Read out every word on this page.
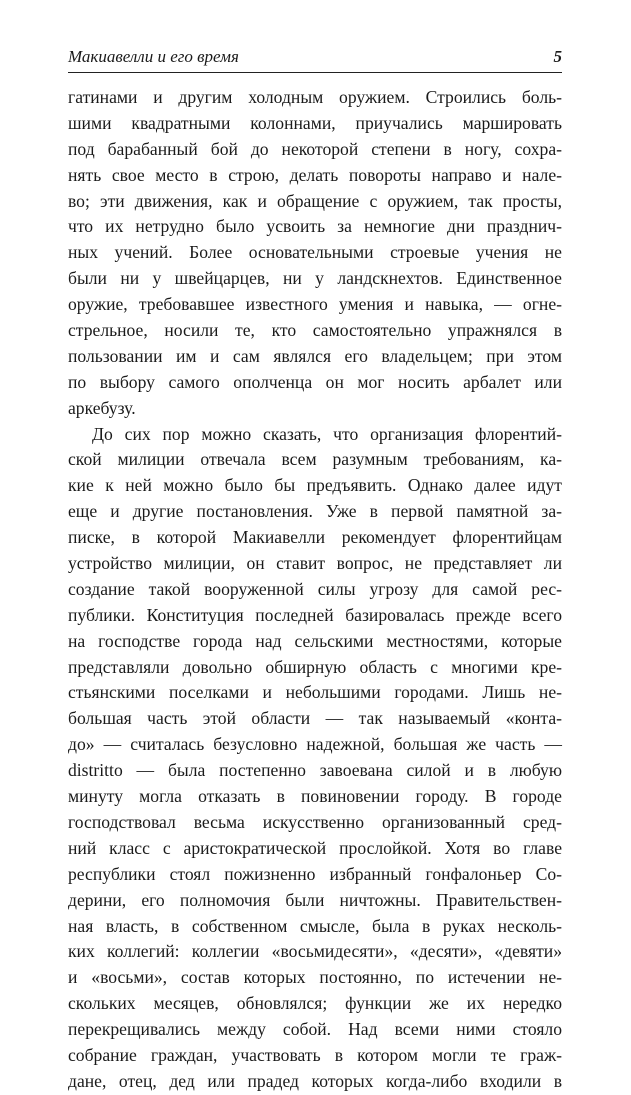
Макиавелли и его время	5
гатинами и другим холодным оружием. Строились боль-
шими квадратными колоннами, приучались маршировать
под барабанный бой до некоторой степени в ногу, сохра-
нять свое место в строю, делать повороты направо и нале-
во; эти движения, как и обращение с оружием, так просты,
что их нетрудно было усвоить за немногие дни празднич-
ных учений. Более основательными строевые учения не
были ни у швейцарцев, ни у ландскнехтов. Единственное
оружие, требовавшее известного умения и навыка, — огне-
стрельное, носили те, кто самостоятельно упражнялся в
пользовании им и сам являлся его владельцем; при этом
по выбору самого ополченца он мог носить арбалет или
аркебузу.
До сих пор можно сказать, что организация флорентий-
ской милиции отвечала всем разумным требованиям, ка-
кие к ней можно было бы предъявить. Однако далее идут
еще и другие постановления. Уже в первой памятной за-
писке, в которой Макиавелли рекомендует флорентийцам
устройство милиции, он ставит вопрос, не представляет ли
создание такой вооруженной силы угрозу для самой рес-
публики. Конституция последней базировалась прежде всего
на господстве города над сельскими местностями, которые
представляли довольно обширную область с многими кре-
стьянскими поселками и небольшими городами. Лишь не-
большая часть этой области — так называемый «конта-
до» — считалась безусловно надежной, большая же часть —
distritto — была постепенно завоевана силой и в любую
минуту могла отказать в повиновении городу. В городе
господствовал весьма искусственно организованный сред-
ний класс с аристократической прослойкой. Хотя во главе
республики стоял пожизненно избранный гонфалоньер Со-
дерини, его полномочия были ничтожны. Правительствен-
ная власть, в собственном смысле, была в руках несколь-
ких коллегий: коллегии «восьмидесяти», «десяти», «девяти»
и «восьми», состав которых постоянно, по истечении не-
скольких месяцев, обновлялся; функции же их нередко
перекрещивались между собой. Над всеми ними стояло
собрание граждан, участвовать в котором могли те граж-
дане, отец, дед или прадед которых когда-либо входили в
